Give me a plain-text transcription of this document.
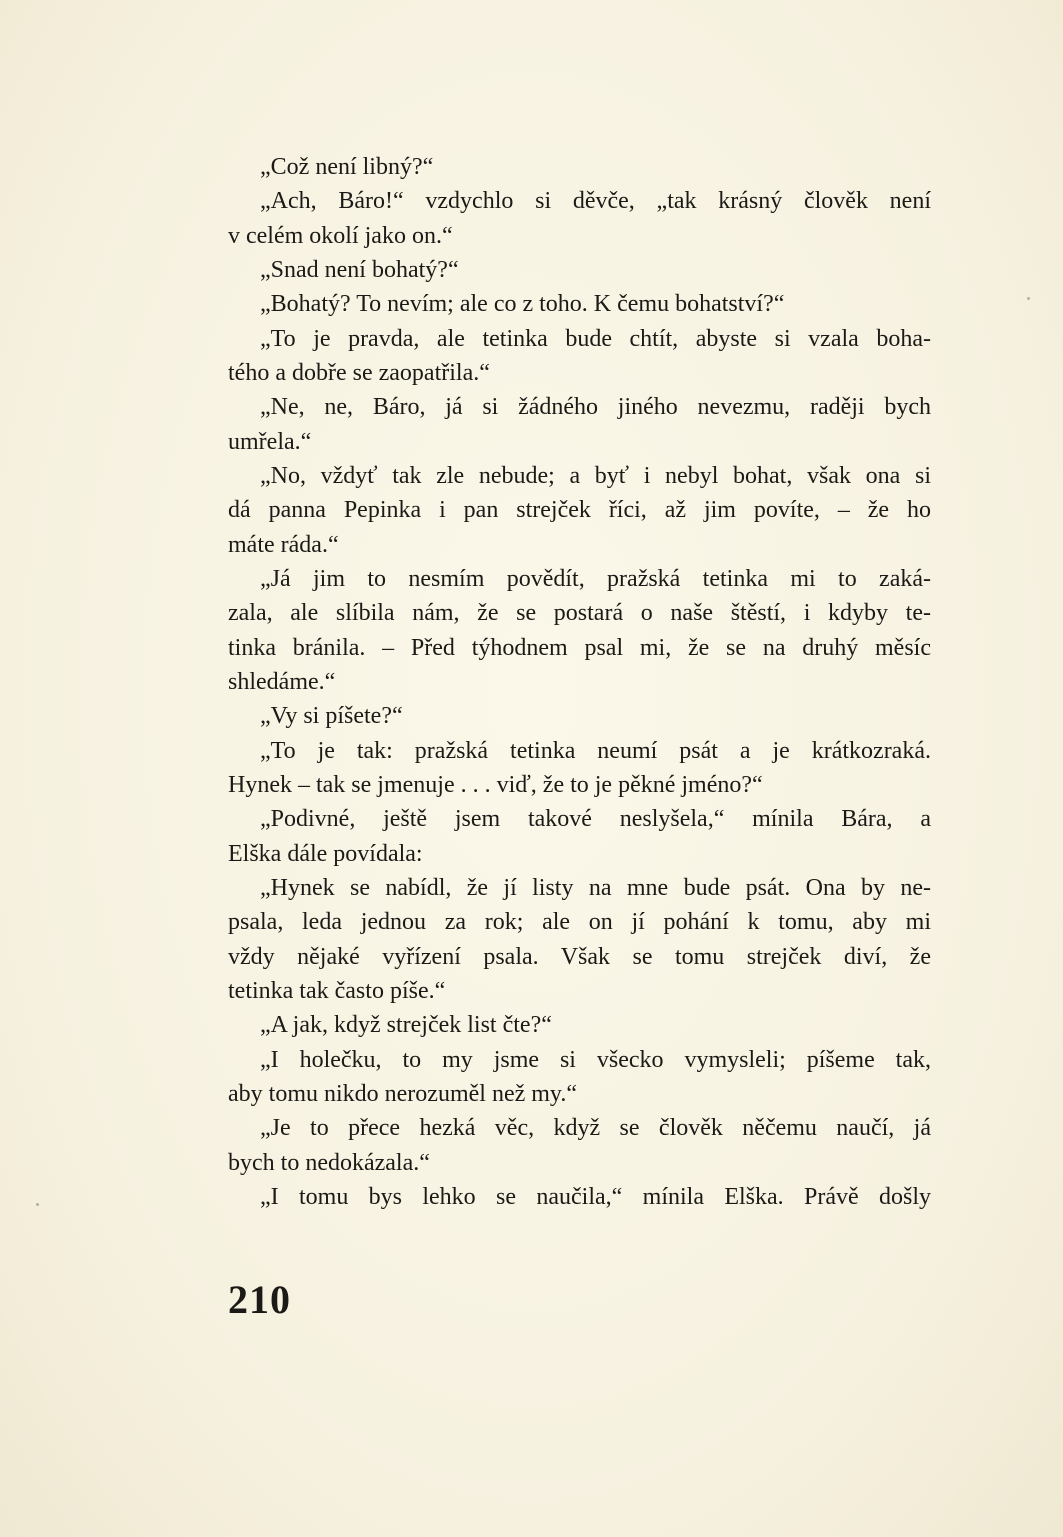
„Což není libný?“
„Ach, Báro!“ vzdychlo si děvče, „tak krásný člověk není
v celém okolí jako on.“
„Snad není bohatý?“
„Bohatý? To nevím; ale co z toho. K čemu bohatství?“
„To je pravda, ale tetinka bude chtít, abyste si vzala boha-
tého a dobře se zaopatřila.“
„Ne, ne, Báro, já si žádného jiného nevezmu, raději bych
umřela.“
„No, vždyť tak zle nebude; a byť i nebyl bohat, však ona si
dá panna Pepinka i pan strejček říci, až jim povíte, – že ho
máte ráda.“
„Já jim to nesmím povědít, pražská tetinka mi to zaká-
zala, ale slíbila nám, že se postará o naše štěstí, i kdyby te-
tinka bránila. – Před týhodnem psal mi, že se na druhý měsíc
shledáme.“
„Vy si píšete?“
„To je tak: pražská tetinka neumí psát a je krátkozraká.
Hynek – tak se jmenuje . . . viď, že to je pěkné jméno?“
„Podivné, ještě jsem takové neslyšela,“ mínila Bára, a
Elška dále povídala:
„Hynek se nabídl, že jí listy na mne bude psát. Ona by ne-
psala, leda jednou za rok; ale on jí pohání k tomu, aby mi
vždy nějaké vyřízení psala. Však se tomu strejček diví, že
tetinka tak často píše.“
„A jak, když strejček list čte?“
„I holečku, to my jsme si všecko vymysleli; píšeme tak,
aby tomu nikdo nerozuměl než my.“
„Je to přece hezká věc, když se člověk něčemu naučí, já
bych to nedokázala.“
„I tomu bys lehko se naučila,“ mínila Elška. Právě došly
210
